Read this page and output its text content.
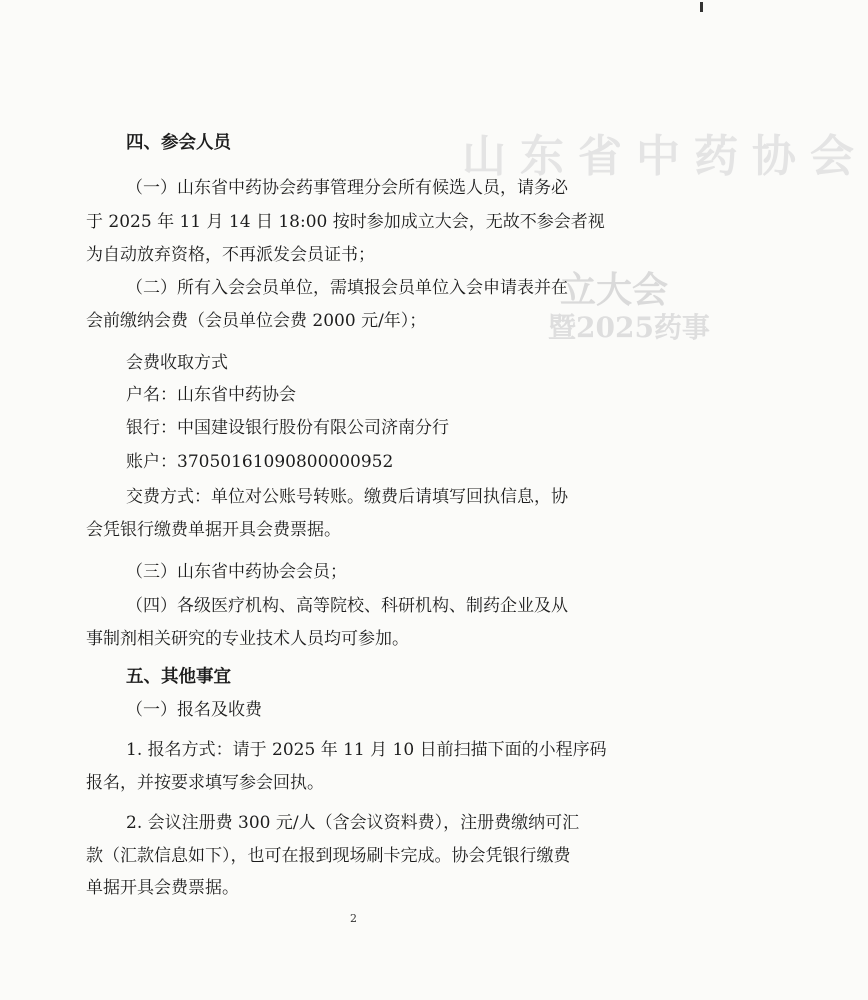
山东省中药协会
立大会
暨2025药事
四、参会人员
（一）山东省中药协会药事管理分会所有候选人员，请务必
于 2025 年 11 月 14 日 18:00 按时参加成立大会，无故不参会者视
为自动放弃资格，不再派发会员证书；
（二）所有入会会员单位，需填报会员单位入会申请表并在
会前缴纳会费（会员单位会费 2000 元/年）；
会费收取方式
户名：山东省中药协会
银行：中国建设银行股份有限公司济南分行
账户：37050161090800000952
交费方式：单位对公账号转账。缴费后请填写回执信息，协
会凭银行缴费单据开具会费票据。
（三）山东省中药协会会员；
（四）各级医疗机构、高等院校、科研机构、制药企业及从
事制剂相关研究的专业技术人员均可参加。
五、其他事宜
（一）报名及收费
1. 报名方式：请于 2025 年 11 月 10 日前扫描下面的小程序码
报名，并按要求填写参会回执。
2. 会议注册费 300 元/人（含会议资料费），注册费缴纳可汇
款（汇款信息如下），也可在报到现场刷卡完成。协会凭银行缴费
单据开具会费票据。
2
